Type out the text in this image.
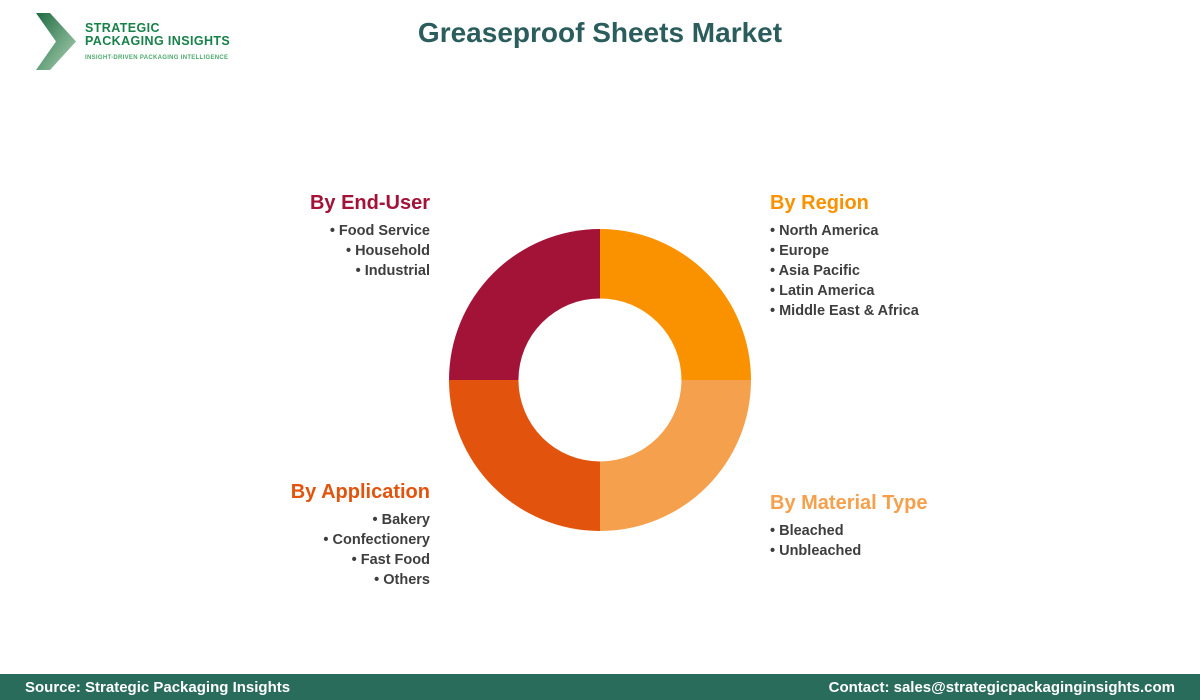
STRATEGIC
PACKAGING INSIGHTS
INSIGHT-DRIVEN PACKAGING INTELLIGENCE
Greaseproof Sheets Market
By End-User
• Food Service
• Household
• Industrial
By Region
• North America
• Europe
• Asia Pacific
• Latin America
• Middle East & Africa
By Application
• Bakery
• Confectionery
• Fast Food
• Others
By Material Type
• Bleached
• Unbleached
Source: Strategic Packaging Insights	Contact: sales@strategicpackaginginsights.com
